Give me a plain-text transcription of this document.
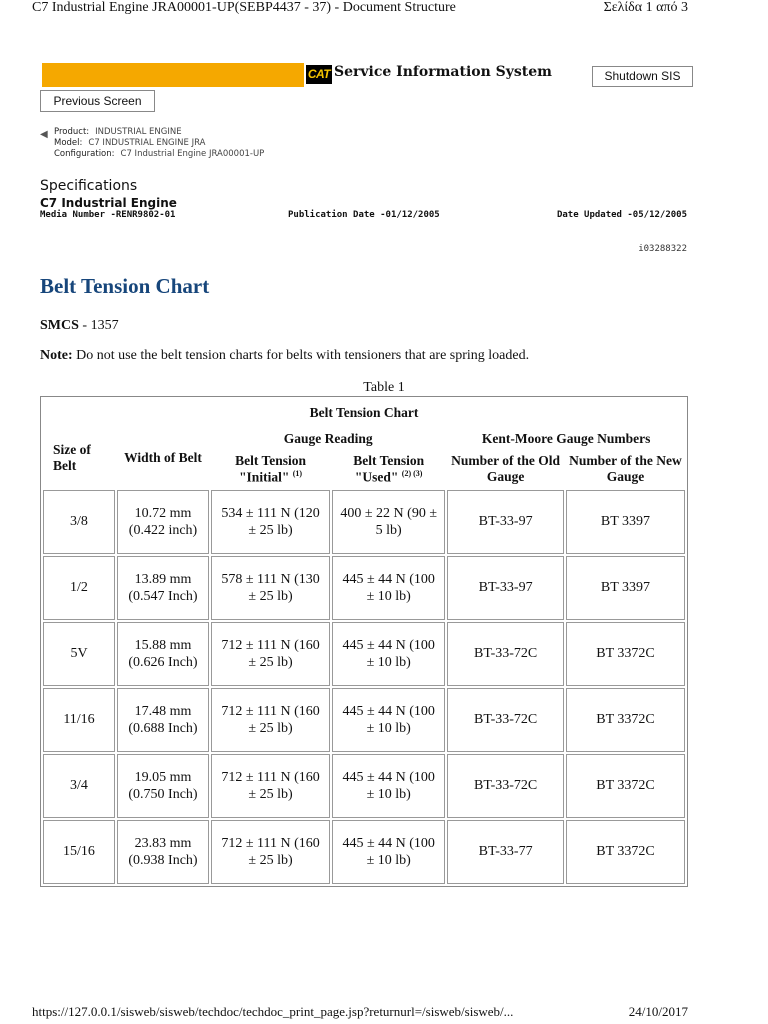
C7 Industrial Engine JRA00001-UP(SEBP4437 - 37) - Document Structure	Σελίδα 1 από 3
CAT Service Information System	Shutdown SIS
Previous Screen
◀ Product: INDUSTRIAL ENGINE
Model: C7 INDUSTRIAL ENGINE JRA
Configuration: C7 Industrial Engine JRA00001-UP
Specifications
C7 Industrial Engine
Media Number -RENR9802-01	Publication Date -01/12/2005	Date Updated -05/12/2005
i03288322
Belt Tension Chart
SMCS - 1357
Note: Do not use the belt tension charts for belts with tensioners that are spring loaded.
Table 1
Belt Tension Chart					
Size of Belt	Width of Belt	Gauge Reading		Kent-Moore Gauge Numbers	
		Belt Tension "Initial" $^{(1)}$	Belt Tension "Used" $^{(2) (3)}$	Number of the Old Gauge	Number of the New Gauge
3/8	10.72 mm (0.422 inch)	534 ± 111 N (120 ± 25 lb)	400 ± 22 N (90 ± 5 lb)	BT-33-97	BT 3397
1/2	13.89 mm (0.547 Inch)	578 ± 111 N (130 ± 25 lb)	445 ± 44 N (100 ± 10 lb)	BT-33-97	BT 3397
5V	15.88 mm (0.626 Inch)	712 ± 111 N (160 ± 25 lb)	445 ± 44 N (100 ± 10 lb)	BT-33-72C	BT 3372C
11/16	17.48 mm (0.688 Inch)	712 ± 111 N (160 ± 25 lb)	445 ± 44 N (100 ± 10 lb)	BT-33-72C	BT 3372C
3/4	19.05 mm (0.750 Inch)	712 ± 111 N (160 ± 25 lb)	445 ± 44 N (100 ± 10 lb)	BT-33-72C	BT 3372C
15/16	23.83 mm (0.938 Inch)	712 ± 111 N (160 ± 25 lb)	445 ± 44 N (100 ± 10 lb)	BT-33-77	BT 3372C
https://127.0.0.1/sisweb/sisweb/techdoc/techdoc_print_page.jsp?returnurl=/sisweb/sisweb/...	24/10/2017
